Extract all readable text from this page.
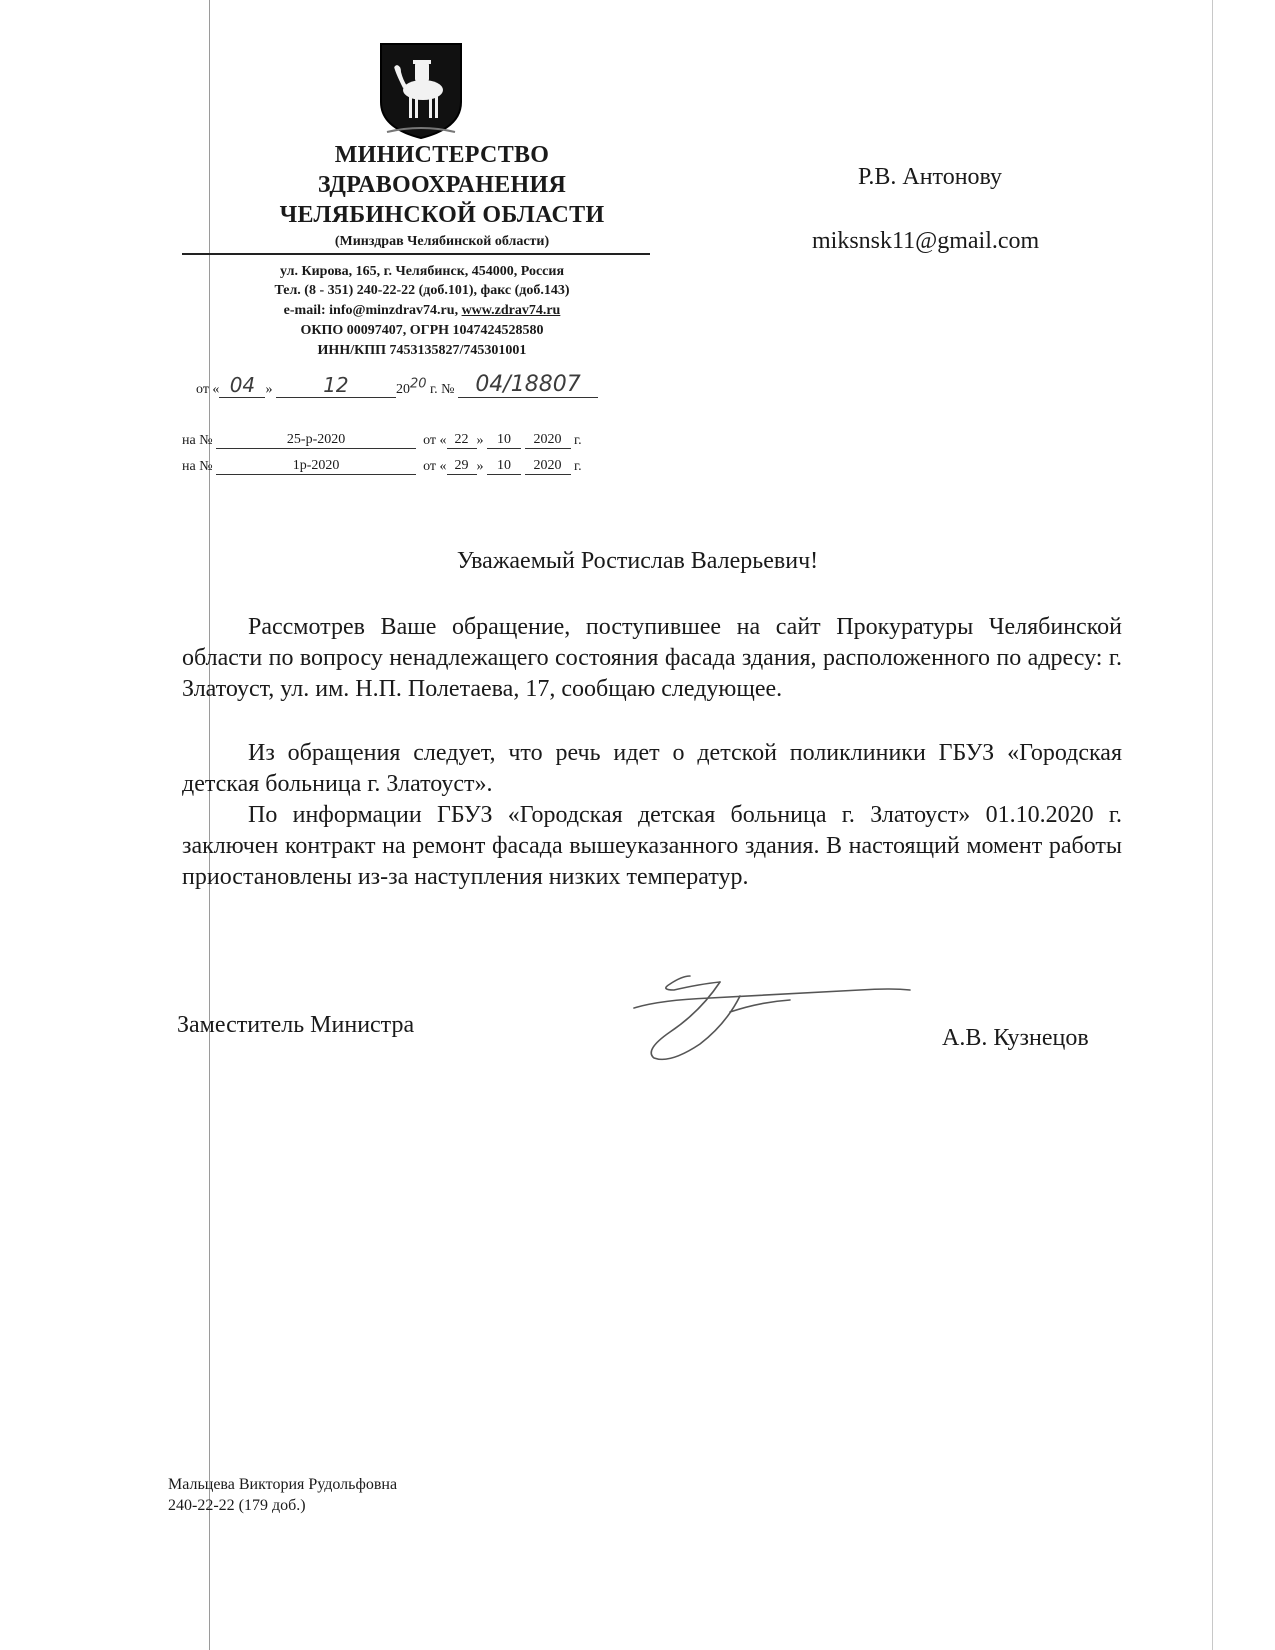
МИНИСТЕРСТВО
ЗДРАВООХРАНЕНИЯ
ЧЕЛЯБИНСКОЙ ОБЛАСТИ
(Минздрав Челябинской области)
ул. Кирова, 165, г. Челябинск, 454000, Россия
Тел. (8 - 351) 240-22-22 (доб.101), факс (доб.143)
e-mail: info@minzdrav74.ru, www.zdrav74.ru
ОКПО 00097407, ОГРН 1047424528580
ИНН/КПП 7453135827/745301001
от « 04 »	12	2020 г. № 04/18807
на №	25-р-2020	от « 22 » 10 2020 г.
на №	1р-2020	от « 29 » 10 2020 г.
Р.В. Антонову
miksnsk11@gmail.com
Уважаемый Ростислав Валерьевич!
Рассмотрев Ваше обращение, поступившее на сайт Прокуратуры Челябинской области по вопросу ненадлежащего состояния фасада здания, расположенного по адресу: г. Златоуст, ул. им. Н.П. Полетаева, 17, сообщаю следующее.
Из обращения следует, что речь идет о детской поликлиники ГБУЗ «Городская детская больница г. Златоуст».
По информации ГБУЗ «Городская детская больница г. Златоуст» 01.10.2020 г. заключен контракт на ремонт фасада вышеуказанного здания. В настоящий момент работы приостановлены из-за наступления низких температур.
Заместитель Министра	А.В. Кузнецов
Мальцева Виктория Рудольфовна
240-22-22 (179 доб.)
